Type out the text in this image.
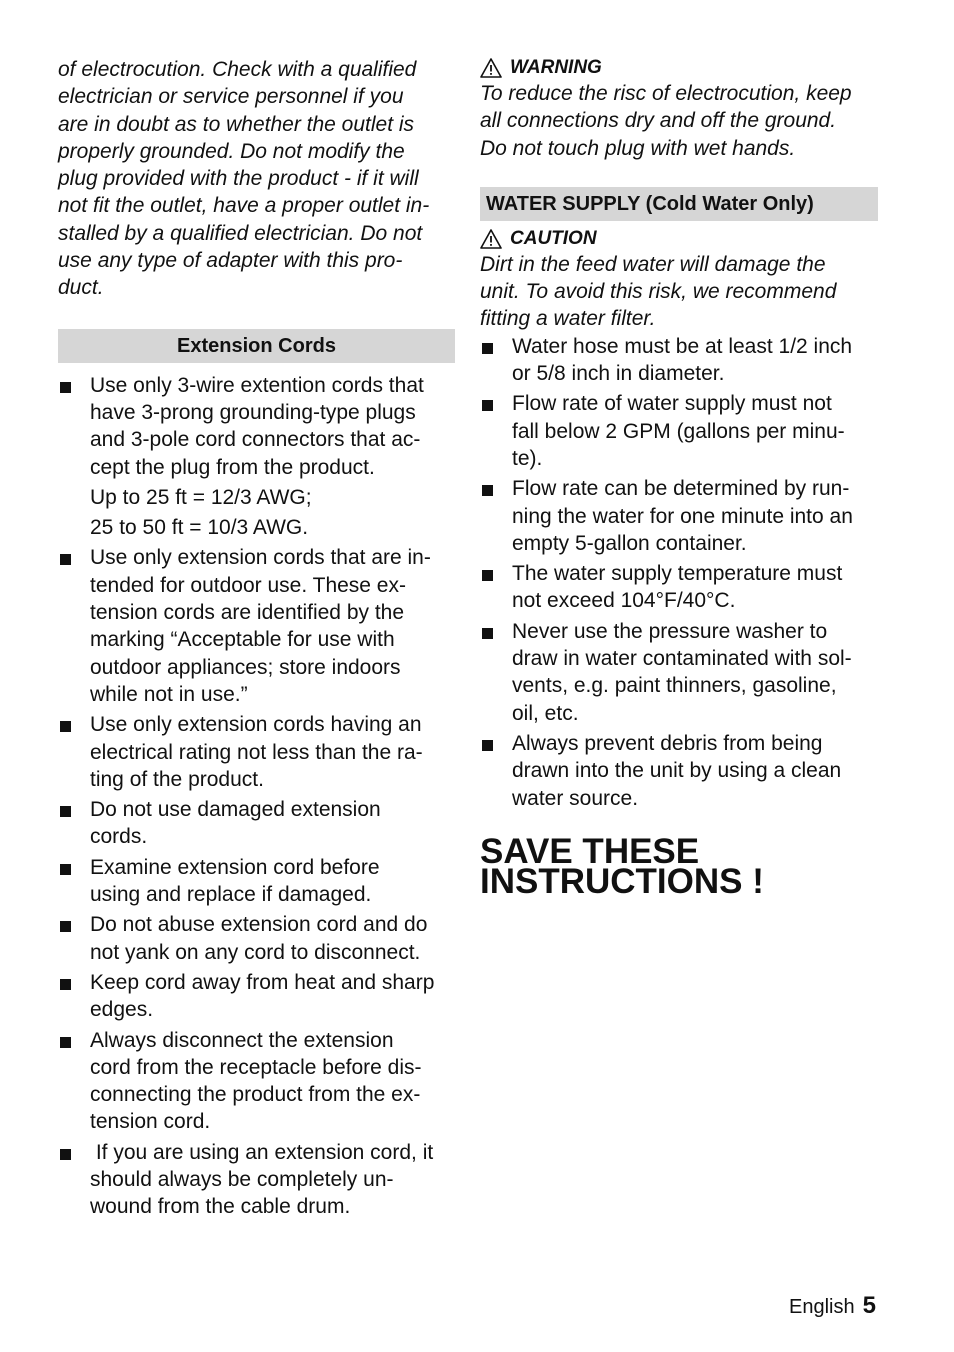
of electrocution. Check with a qualified
electrician or service personnel if you
are in doubt as to whether the outlet is
properly grounded. Do not modify the
plug provided with the product - if it will
not fit the outlet, have a proper outlet in-
stalled by a qualified electrician. Do not
use any type of adapter with this pro-
duct.

Extension Cords
Use only 3-wire extention cords that
have 3-prong grounding-type plugs
and 3-pole cord connectors that ac-
cept the plug from the product.
Up to 25 ft = 12/3 AWG;
25 to 50 ft = 10/3 AWG.
Use only extension cords that are in-
tended for outdoor use. These ex-
tension cords are identified by the
marking “Acceptable for use with
outdoor appliances; store indoors
while not in use.”
Use only extension cords having an
electrical rating not less than the ra-
ting of the product.
Do not use damaged extension
cords.
Examine extension cord before
using and replace if damaged.
Do not abuse extension cord and do
not yank on any cord to disconnect.
Keep cord away from heat and sharp
edges.
Always disconnect the extension
cord from the receptacle before dis-
connecting the product from the ex-
tension cord.
If you are using an extension cord, it
should always be completely un-
wound from the cable drum.
WARNING

To reduce the risc of electrocution, keep
all connections dry and off the ground.
Do not touch plug with wet hands.

WATER SUPPLY (Cold Water Only)
CAUTION

Dirt in the feed water will damage the
unit. To avoid this risk, we recommend
fitting a water filter.

Water hose must be at least 1/2 inch
or 5/8 inch in diameter.
Flow rate of water supply must not
fall below 2 GPM (gallons per minu-
te).
Flow rate can be determined by run-
ning the water for one minute into an
empty 5-gallon container.
The water supply temperature must
not exceed 104°F/40°C.
Never use the pressure washer to
draw in water contaminated with sol-
vents, e.g. paint thinners, gasoline,
oil, etc.
Always prevent debris from being
drawn into the unit by using a clean
water source.
SAVE THESE
INSTRUCTIONS !
English 5
